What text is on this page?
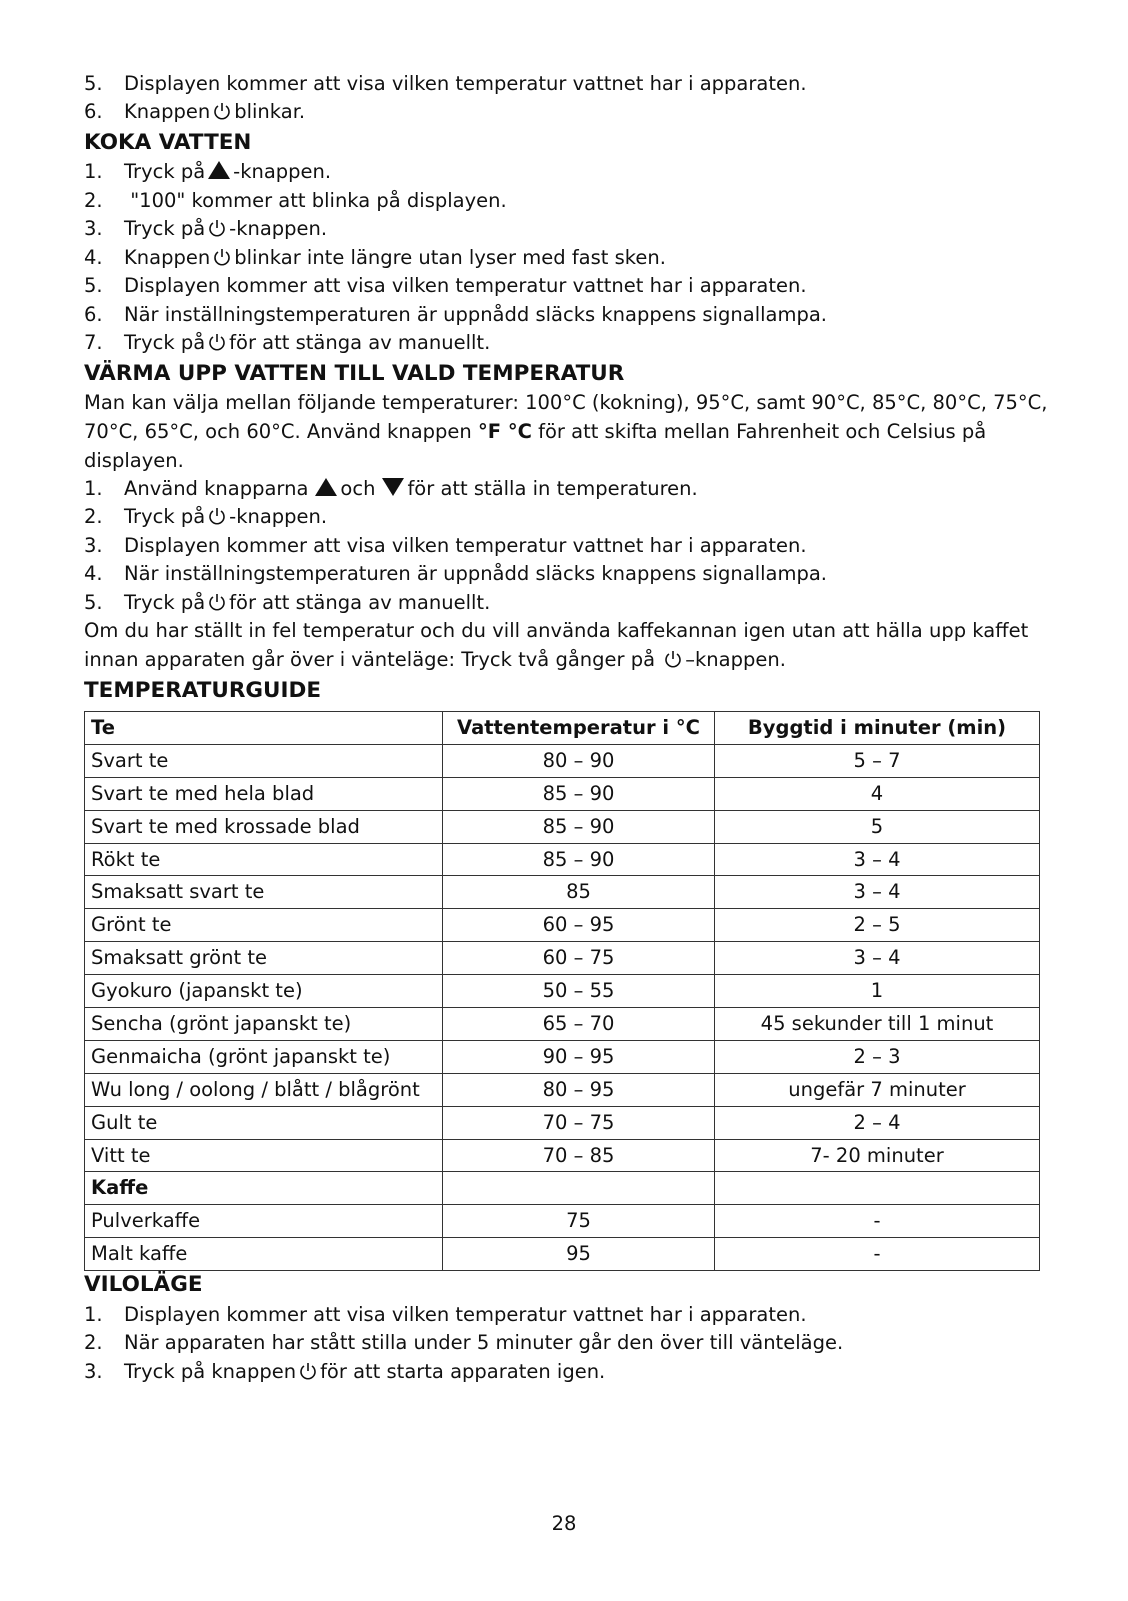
5. Displayen kommer att visa vilken temperatur vattnet har i apparaten.
6. Knappen blinkar.
KOKA VATTEN
1. Tryck på -knappen.
2. "100" kommer att blinka på displayen.
3. Tryck på -knappen.
4. Knappen blinkar inte längre utan lyser med fast sken.
5. Displayen kommer att visa vilken temperatur vattnet har i apparaten.
6. När inställningstemperaturen är uppnådd släcks knappens signallampa.
7. Tryck på för att stänga av manuellt.
VÄRMA UPP VATTEN TILL VALD TEMPERATUR
Man kan välja mellan följande temperaturer: 100°C (kokning), 95°C, samt 90°C, 85°C, 80°C, 75°C,
70°C, 65°C, och 60°C. Använd knappen °F °C för att skifta mellan Fahrenheit och Celsius på
displayen.
1. Använd knapparna och för att ställa in temperaturen.
2. Tryck på -knappen.
3. Displayen kommer att visa vilken temperatur vattnet har i apparaten.
4. När inställningstemperaturen är uppnådd släcks knappens signallampa.
5. Tryck på för att stänga av manuellt.
Om du har ställt in fel temperatur och du vill använda kaffekannan igen utan att hälla upp kaffet
innan apparaten går över i vänteläge: Tryck två gånger på –knappen.
TEMPERATURGUIDE
Te	Vattentemperatur i °C	Byggtid i minuter (min)
Svart te	80 – 90	5 – 7
Svart te med hela blad	85 – 90	4
Svart te med krossade blad	85 – 90	5
Rökt te	85 – 90	3 – 4
Smaksatt svart te	85	3 – 4
Grönt te	60 – 95	2 – 5
Smaksatt grönt te	60 – 75	3 – 4
Gyokuro (japanskt te)	50 – 55	1
Sencha (grönt japanskt te)	65 – 70	45 sekunder till 1 minut
Genmaicha (grönt japanskt te)	90 – 95	2 – 3
Wu long / oolong / blått / blågrönt	80 – 95	ungefär 7 minuter
Gult te	70 – 75	2 – 4
Vitt te	70 – 85	7- 20 minuter
Kaffe		
Pulverkaffe	75	-
Malt kaffe	95	-
VILOLÄGE
1. Displayen kommer att visa vilken temperatur vattnet har i apparaten.
2. När apparaten har stått stilla under 5 minuter går den över till vänteläge.
3. Tryck på knappen för att starta apparaten igen.
28
